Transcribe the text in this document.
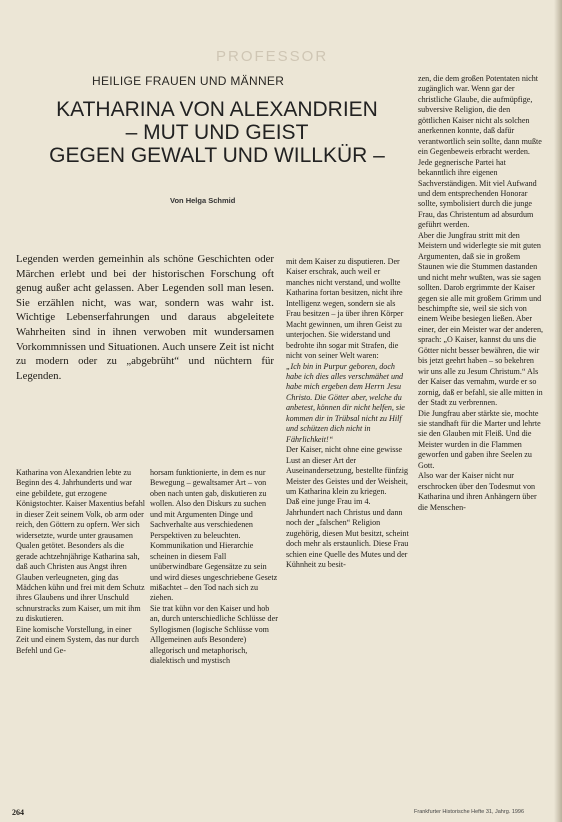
PROFESSOR
HEILIGE FRAUEN UND MÄNNER
KATHARINA VON ALEXANDRIEN
– MUT UND GEIST
GEGEN GEWALT UND WILLKÜR –
Von Helga Schmid
Legenden werden gemeinhin als schöne Geschichten oder Märchen erlebt und bei der historischen Forschung oft genug außer acht gelassen. Aber Legenden soll man lesen. Sie erzählen nicht, was war, sondern was wahr ist. Wichtige Lebenserfahrungen und daraus abgeleitete Wahrheiten sind in ihnen verwoben mit wundersamen Vorkommnissen und Situationen. Auch unsere Zeit ist nicht zu modern oder zu „abgebrüht“ und nüchtern für Legenden.

Katharina von Alexandrien lebte zu Beginn des 4. Jahrhunderts und war eine gebildete, gut erzogene Königstochter. Kaiser Maxentius befahl in dieser Zeit seinem Volk, ob arm oder reich, den Göttern zu opfern. Wer sich widersetzte, wurde unter grausamen Qualen getötet. Besonders als die gerade achtzehnjährige Katharina sah, daß auch Christen aus Angst ihren Glauben verleugneten, ging das Mädchen kühn und frei mit dem Schutz ihres Glaubens und ihrer Unschuld schnurstracks zum Kaiser, um mit ihm zu diskutieren.

Eine komische Vorstellung, in einer Zeit und einem System, das nur durch Befehl und Ge-

horsam funktionierte, in dem es nur Bewegung – gewaltsamer Art – von oben nach unten gab, diskutieren zu wollen. Also den Diskurs zu suchen und mit Argumenten Dinge und Sachverhalte aus verschiedenen Perspektiven zu beleuchten. Kommunikation und Hierarchie scheinen in diesem Fall unüberwindbare Gegensätze zu sein und wird dieses ungeschriebene Gesetz mißachtet – den Tod nach sich zu ziehen.

Sie trat kühn vor den Kaiser und hob an, durch unterschiedliche Schlüsse der Syllogismen (logische Schlüsse vom Allgemeinen aufs Besondere) allegorisch und metaphorisch, dialektisch und mystisch

mit dem Kaiser zu disputieren. Der Kaiser erschrak, auch weil er manches nicht verstand, und wollte Katharina fortan besitzen, nicht ihre Intelligenz wegen, sondern sie als Frau besitzen – ja über ihren Körper Macht gewinnen, um ihren Geist zu unterjochen. Sie widerstand und bedrohte ihn sogar mit Strafen, die nicht von seiner Welt waren:

„Ich bin in Purpur geboren, doch habe ich dies alles verschmähet und habe mich ergeben dem Herrn Jesu Christo. Die Götter aber, welche du anbetest, können dir nicht helfen, sie kommen dir in Trübsal nicht zu Hilf und schützen dich nicht in Fährlichkeit!“

Der Kaiser, nicht ohne eine gewisse Lust an dieser Art der Auseinandersetzung, bestellte fünfzig Meister des Geistes und der Weisheit, um Katharina klein zu kriegen.

Daß eine junge Frau im 4. Jahrhundert nach Christus und dann noch der „falschen“ Religion zugehörig, diesen Mut besitzt, scheint doch mehr als erstaunlich. Diese Frau schien eine Quelle des Mutes und der Kühnheit zu besit-

zen, die dem großen Potentaten nicht zugänglich war. Wenn gar der christliche Glaube, die aufmüpfige, subversive Religion, die den göttlichen Kaiser nicht als solchen anerkennen konnte, daß dafür verantwortlich sein sollte, dann mußte ein Gegenbeweis erbracht werden. Jede gegnerische Partei hat bekanntlich ihre eigenen Sachverständigen. Mit viel Aufwand und dem entsprechenden Honorar sollte, symbolisiert durch die junge Frau, das Christentum ad absurdum geführt werden.

Aber die Jungfrau stritt mit den Meistern und widerlegte sie mit guten Argumenten, daß sie in großem Staunen wie die Stummen dastanden und nicht mehr wußten, was sie sagen sollten. Darob ergrimmte der Kaiser gegen sie alle mit großem Grimm und beschimpfte sie, weil sie sich von einem Weibe besiegen ließen. Aber einer, der ein Meister war der anderen, sprach: „O Kaiser, kannst du uns die Götter nicht besser bewähren, die wir bis jetzt geehrt haben – so bekehren wir uns alle zu Jesum Christum.“ Als der Kaiser das vernahm, wurde er so zornig, daß er befahl, sie alle mitten in der Stadt zu verbrennen.

Die Jungfrau aber stärkte sie, mochte sie standhaft für die Marter und lehrte sie den Glauben mit Fleiß. Und die Meister wurden in die Flammen geworfen und gaben ihre Seelen zu Gott.

Also war der Kaiser nicht nur erschrocken über den Todesmut von Katharina und ihren Anhängern über die Menschen-

264	Frankfurter Historische Hefte 31, Jahrg. 1996
